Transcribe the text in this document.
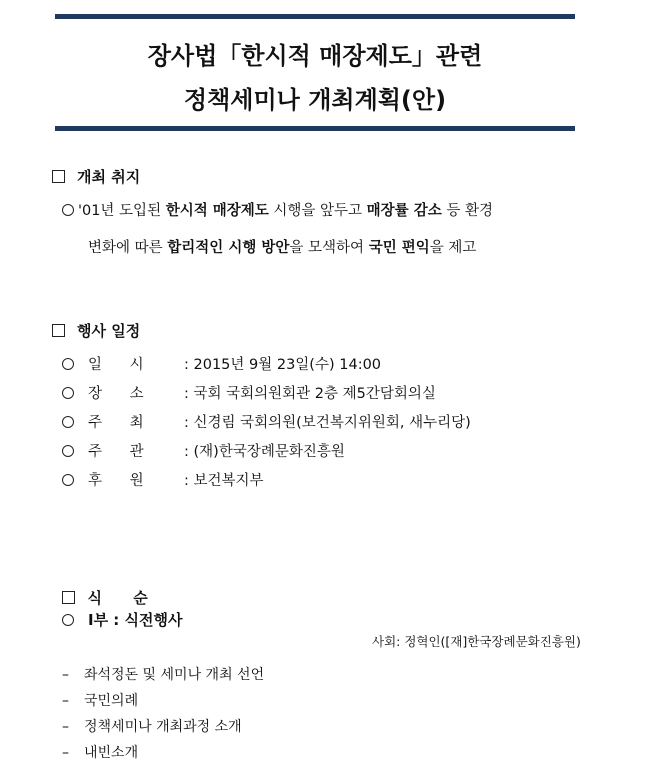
장사법「한시적 매장제도」관련
정책세미나 개최계획(안)
개최 취지
'01년 도입된 한시적 매장제도 시행을 앞두고 매장률 감소 등 환경
변화에 따른 합리적인 시행 방안을 모색하여 국민 편익을 제고
행사 일정
일      시	: 2015년 9월 23일(수) 14:00
장      소	: 국회 국회의원회관 2층 제5간담회의실
주      최	: 신경림 국회의원(보건복지위원회, 새누리당)
주      관	: (재)한국장례문화진흥원
후      원	: 보건복지부

식      순

Ⅰ부 : 식전행사
사회: 정혁인([재]한국장례문화진흥원)
– 좌석정돈 및 세미나 개최 선언
– 국민의례
– 정책세미나 개최과정 소개
– 내빈소개
